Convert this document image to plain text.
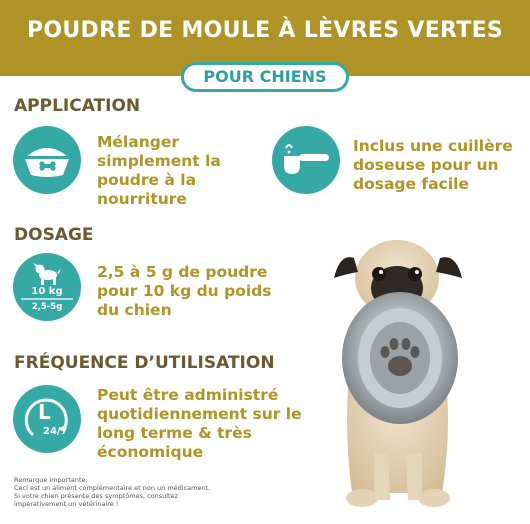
POUDRE DE MOULE À LÈVRES VERTES
POUR CHIENS
APPLICATION
Mélanger
simplement la
poudre à la
nourriture
Inclus une cuillère
doseuse pour un
dosage facile
DOSAGE
10 kg
2,5-5g
2,5 à 5 g de poudre
pour 10 kg du poids
du chien
FRÉQUENCE D’UTILISATION
L
24/7
Peut être administré
quotidiennement sur le
long terme & très
économique
Remarque importante:
Ceci est un aliment complémentaire et non un médicament.
Si votre chien présente des symptômes, consultez
impérativement un vétérinaire !
